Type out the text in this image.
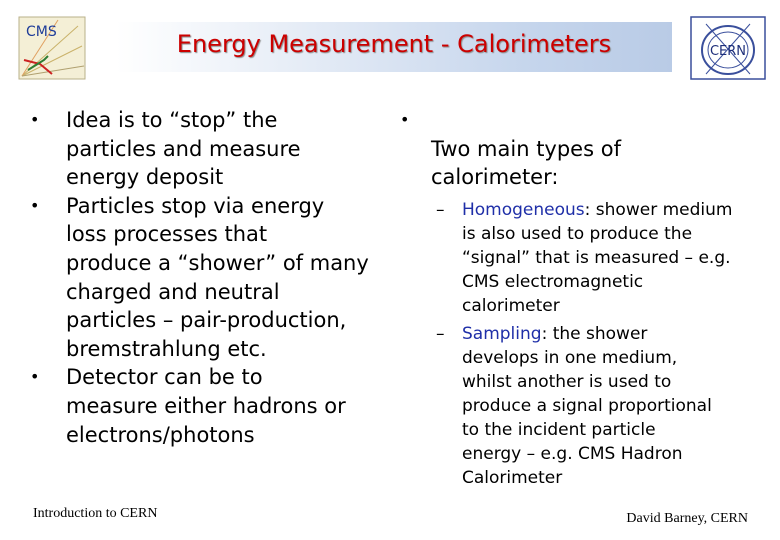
CMS
CERN
Energy Measurement - Calorimeters
• Idea is to “stop” the
particles and measure
energy deposit
• Particles stop via energy
loss processes that
produce a “shower” of many
charged and neutral
particles – pair-production,
bremstrahlung etc.
• Detector can be to
measure either hadrons or
electrons/photons

•
Two main types of
calorimeter:

– Homogeneous: shower medium
is also used to produce the
“signal” that is measured – e.g.
CMS electromagnetic
calorimeter
– Sampling: the shower
develops in one medium,
whilst another is used to
produce a signal proportional
to the incident particle
energy – e.g. CMS Hadron
Calorimeter
Introduction to CERN	David Barney, CERN
